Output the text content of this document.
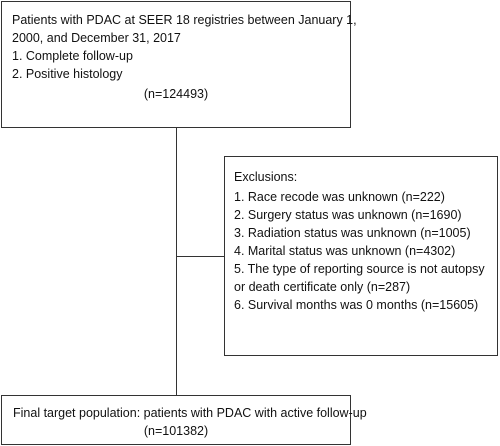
Patients with PDAC at SEER 18 registries between January 1,
2000, and December 31, 2017
1. Complete follow-up
2. Positive histology
(n=124493)
Exclusions:
1. Race recode was unknown (n=222)
2. Surgery status was unknown (n=1690)
3. Radiation status was unknown (n=1005)
4. Marital status was unknown (n=4302)
5. The type of reporting source is not autopsy
or death certificate only (n=287)
6. Survival months was 0 months (n=15605)
Final target population: patients with PDAC with active follow-up
(n=101382)
